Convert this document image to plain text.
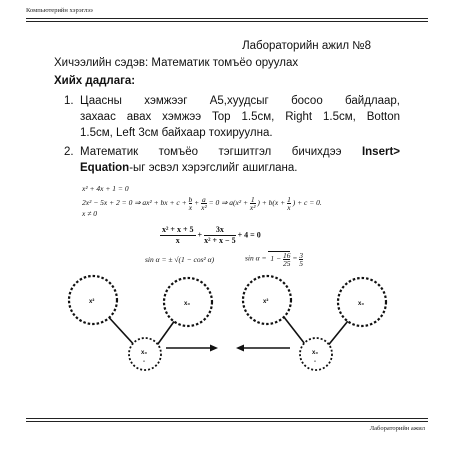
Компьютерийн хэрэглээ
Лабораторийн ажил №8
Хичээлийн сэдэв: Математик томъёо оруулах
Хийх дадлага:
1. Цаасны хэмжээг А5,хуудсыг босоо байдлаар,
захаас авах хэмжээ Top 1.5см, Right 1.5см, Botton
1.5см, Left 3см байхаар тохируулна.
2. Математик томъёо тэгшитгэл бичихдээ Insert>
Equation-ыг эсвэл хэрэгслийг ашиглана.
x² + 4x + 1 = 0
2x² − 5x + 2 = 0 ⇒ ax² + bx + $c + \frac{b}{x} + \frac{a}{\text{x²}} = 0$ ⇒ $a(x^2 + \frac{1}{\text{x²}}$ ) + $b(x + \frac{1}{x}$ ) + c = 0.
x ≠ 0
$\frac{\text{x² + x + 5}}{x} + \frac{3x}{\text{x² + x − 5}} + 4 = 0$
sin α = ± √(1 − cos² α)	$\sin \alpha = 1 - \frac{16}{25} = \frac{3}{5}$
x²	x₀	x²	x₀
x₀
-
x₀
-
Лабораторийн ажил
